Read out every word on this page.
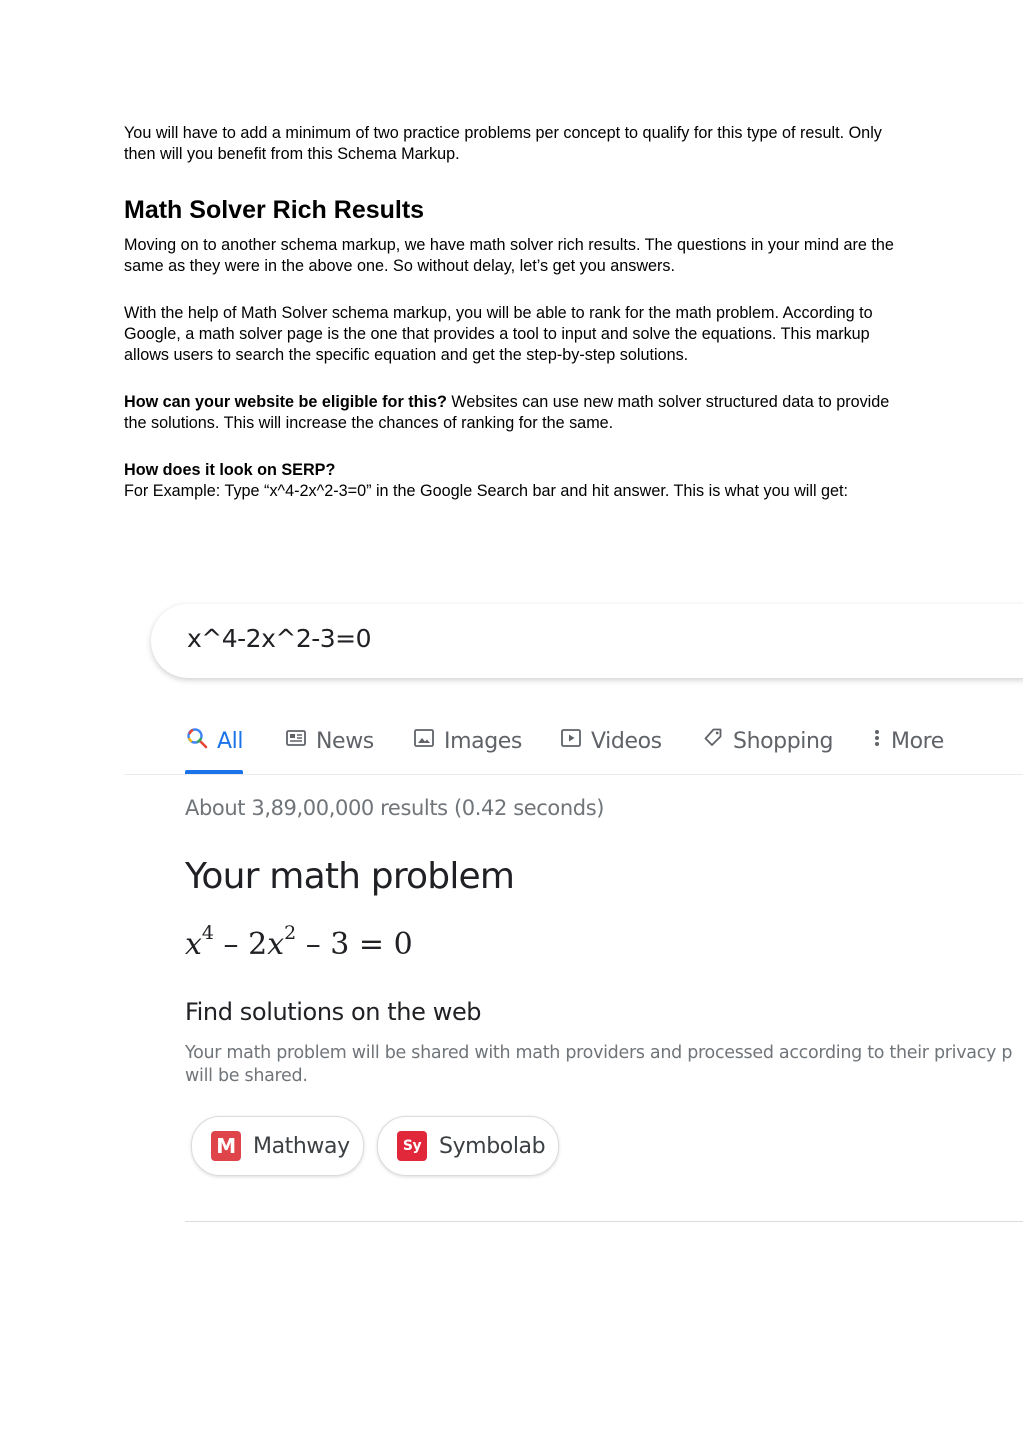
You will have to add a minimum of two practice problems per concept to qualify for this type of result. Only then will you benefit from this Schema Markup.

Math Solver Rich Results

Moving on to another schema markup, we have math solver rich results. The questions in your mind are the same as they were in the above one. So without delay, let’s get you answers.

With the help of Math Solver schema markup, you will be able to rank for the math problem. According to Google, a math solver page is the one that provides a tool to input and solve the equations. This markup allows users to search the specific equation and get the step-by-step solutions.

How can your website be eligible for this? Websites can use new math solver structured data to provide the solutions. This will increase the chances of ranking for the same.

How does it look on SERP?

For Example: Type “x^4-2x^2-3=0” in the Google Search bar and hit answer. This is what you will get:

x^4-2x^2-3=0
All	News	Images	Videos	Shopping	More
About 3,89,00,000 results (0.42 seconds)
Your math problem
$x^4 - 2x^2 - 3 = 0$
Find solutions on the web
Your math problem will be shared with math providers and processed according to their privacy p
will be shared.
M Mathway	Sy Symbolab
